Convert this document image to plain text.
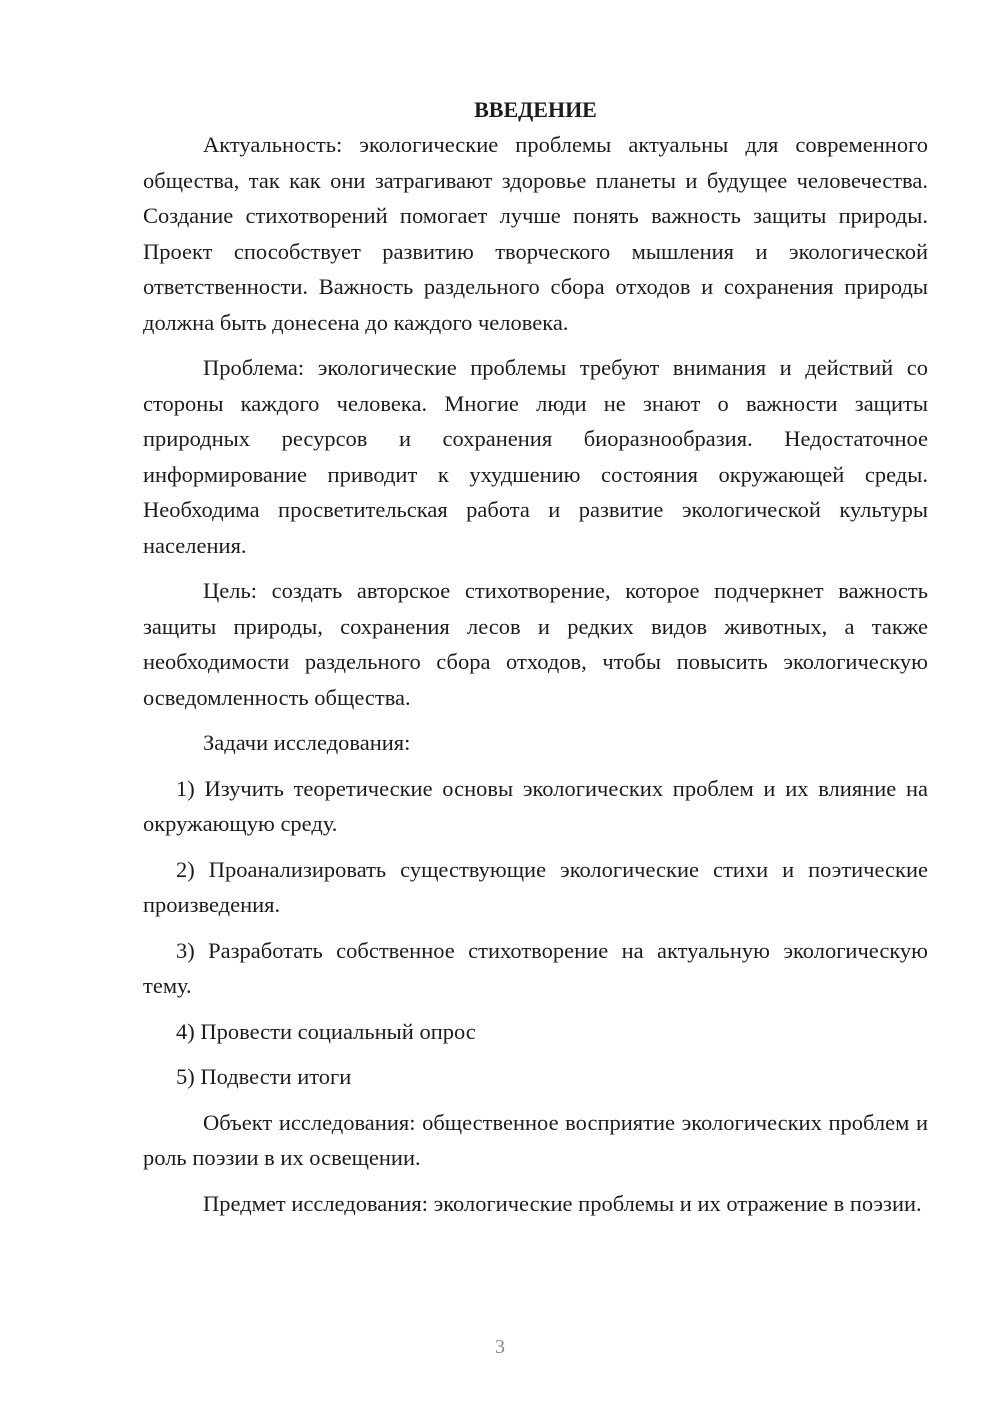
ВВЕДЕНИЕ

Актуальность: экологические проблемы актуальны для современного общества, так как они затрагивают здоровье планеты и будущее человечества. Создание стихотворений помогает лучше понять важность защиты природы. Проект способствует развитию творческого мышления и экологической ответственности. Важность раздельного сбора отходов и сохранения природы должна быть донесена до каждого человека.

Проблема: экологические проблемы требуют внимания и действий со стороны каждого человека. Многие люди не знают о важности защиты природных ресурсов и сохранения биоразнообразия. Недостаточное информирование приводит к ухудшению состояния окружающей среды. Необходима просветительская работа и развитие экологической культуры населения.

Цель: создать авторское стихотворение, которое подчеркнет важность защиты природы, сохранения лесов и редких видов животных, а также необходимости раздельного сбора отходов, чтобы повысить экологическую осведомленность общества.

Задачи исследования:

1) Изучить теоретические основы экологических проблем и их влияние на окружающую среду.

2) Проанализировать существующие экологические стихи и поэтические произведения.

3) Разработать собственное стихотворение на актуальную экологическую тему.

4) Провести социальный опрос

5) Подвести итоги

Объект исследования: общественное восприятие экологических проблем и роль поэзии в их освещении.

Предмет исследования: экологические проблемы и их отражение в поэзии.

3
